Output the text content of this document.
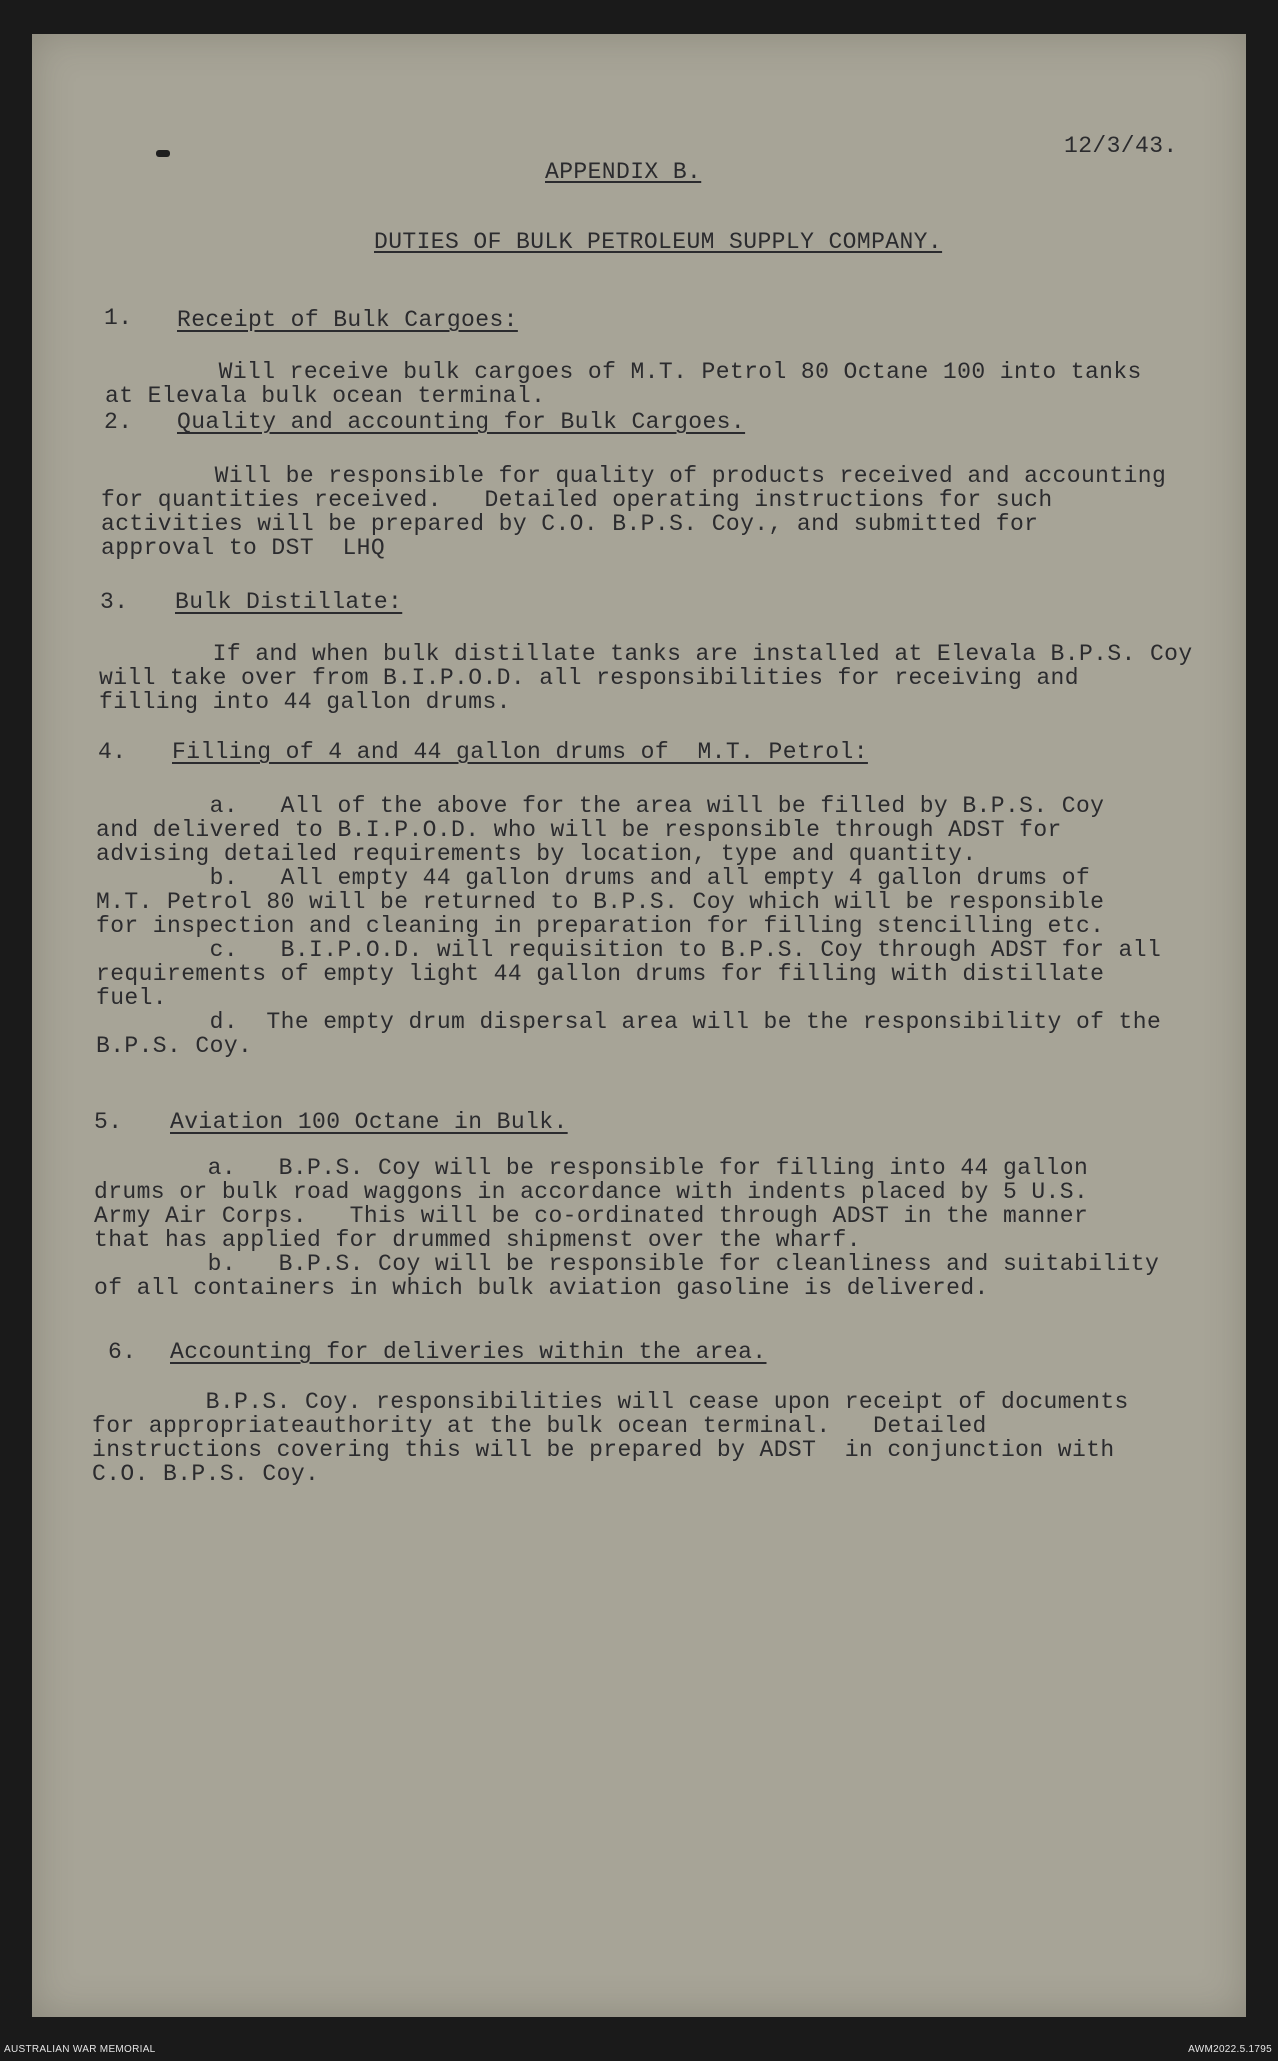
12/3/43.
APPENDIX B.
DUTIES OF BULK PETROLEUM SUPPLY COMPANY.
1. Receipt of Bulk Cargoes:
Will receive bulk cargoes of M.T. Petrol 80 Octane 100 into tanks
at Elevala bulk ocean terminal.
2. Quality and accounting for Bulk Cargoes.
Will be responsible for quality of products received and accounting
for quantities received.   Detailed operating instructions for such
activities will be prepared by C.O. B.P.S. Coy., and submitted for
approval to DST  LHQ
3. Bulk Distillate:
If and when bulk distillate tanks are installed at Elevala B.P.S. Coy
will take over from B.I.P.O.D. all responsibilities for receiving and
filling into 44 gallon drums.
4. Filling of 4 and 44 gallon drums of  M.T. Petrol:
a.   All of the above for the area will be filled by B.P.S. Coy
and delivered to B.I.P.O.D. who will be responsible through ADST for
advising detailed requirements by location, type and quantity.
b.   All empty 44 gallon drums and all empty 4 gallon drums of
M.T. Petrol 80 will be returned to B.P.S. Coy which will be responsible
for inspection and cleaning in preparation for filling stencilling etc.
c.   B.I.P.O.D. will requisition to B.P.S. Coy through ADST for all
requirements of empty light 44 gallon drums for filling with distillate
fuel.
d.  The empty drum dispersal area will be the responsibility of the
B.P.S. Coy.
5. Aviation 100 Octane in Bulk.
a.   B.P.S. Coy will be responsible for filling into 44 gallon
drums or bulk road waggons in accordance with indents placed by 5 U.S.
Army Air Corps.   This will be co-ordinated through ADST in the manner
that has applied for drummed shipmenst over the wharf.
b.   B.P.S. Coy will be responsible for cleanliness and suitability
of all containers in which bulk aviation gasoline is delivered.
6. Accounting for deliveries within the area.
B.P.S. Coy. responsibilities will cease upon receipt of documents
for appropriateauthority at the bulk ocean terminal.   Detailed
instructions covering this will be prepared by ADST  in conjunction with
C.O. B.P.S. Coy.
AUSTRALIAN WAR MEMORIAL	AWM2022.5.1795
